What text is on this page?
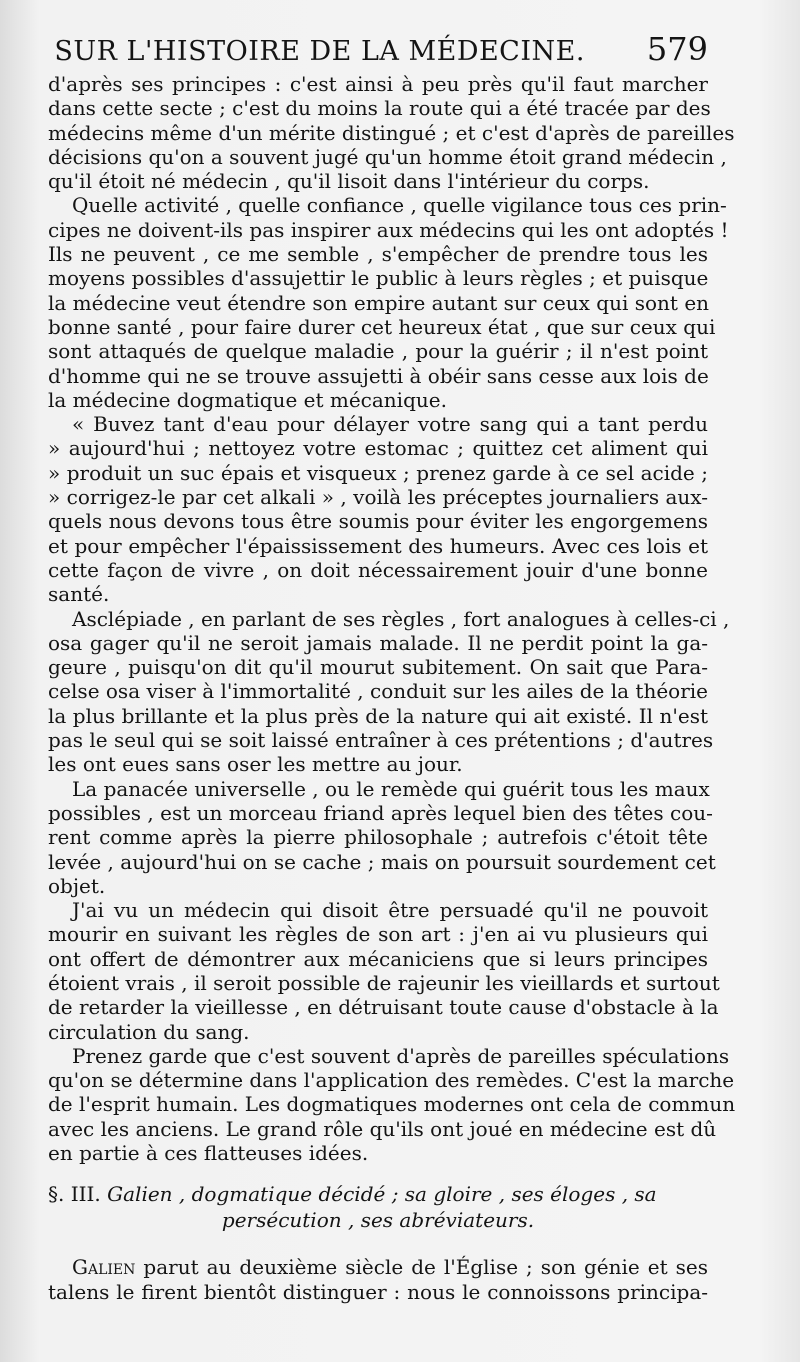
SUR L'HISTOIRE DE LA MÉDECINE. 579

d'après ses principes : c'est ainsi à peu près qu'il faut marcher
dans cette secte ; c'est du moins la route qui a été tracée par des
médecins même d'un mérite distingué ; et c'est d'après de pareilles
décisions qu'on a souvent jugé qu'un homme étoit grand médecin ,
qu'il étoit né médecin , qu'il lisoit dans l'intérieur du corps.

Quelle activité , quelle confiance , quelle vigilance tous ces prin-
cipes ne doivent-ils pas inspirer aux médecins qui les ont adoptés !
Ils ne peuvent , ce me semble , s'empêcher de prendre tous les
moyens possibles d'assujettir le public à leurs règles ; et puisque
la médecine veut étendre son empire autant sur ceux qui sont en
bonne santé , pour faire durer cet heureux état , que sur ceux qui
sont attaqués de quelque maladie , pour la guérir ; il n'est point
d'homme qui ne se trouve assujetti à obéir sans cesse aux lois de
la médecine dogmatique et mécanique.

« Buvez tant d'eau pour délayer votre sang qui a tant perdu
» aujourd'hui ; nettoyez votre estomac ; quittez cet aliment qui
» produit un suc épais et visqueux ; prenez garde à ce sel acide ;
» corrigez-le par cet alkali » , voilà les préceptes journaliers aux-
quels nous devons tous être soumis pour éviter les engorgemens
et pour empêcher l'épaississement des humeurs. Avec ces lois et
cette façon de vivre , on doit nécessairement jouir d'une bonne
santé.

Asclépiade , en parlant de ses règles , fort analogues à celles-ci ,
osa gager qu'il ne seroit jamais malade. Il ne perdit point la ga-
geure , puisqu'on dit qu'il mourut subitement. On sait que Para-
celse osa viser à l'immortalité , conduit sur les ailes de la théorie
la plus brillante et la plus près de la nature qui ait existé. Il n'est
pas le seul qui se soit laissé entraîner à ces prétentions ; d'autres
les ont eues sans oser les mettre au jour.

La panacée universelle , ou le remède qui guérit tous les maux
possibles , est un morceau friand après lequel bien des têtes cou-
rent comme après la pierre philosophale ; autrefois c'étoit tête
levée , aujourd'hui on se cache ; mais on poursuit sourdement cet
objet.

J'ai vu un médecin qui disoit être persuadé qu'il ne pouvoit
mourir en suivant les règles de son art : j'en ai vu plusieurs qui
ont offert de démontrer aux mécaniciens que si leurs principes
étoient vrais , il seroit possible de rajeunir les vieillards et surtout
de retarder la vieillesse , en détruisant toute cause d'obstacle à la
circulation du sang.

Prenez garde que c'est souvent d'après de pareilles spéculations
qu'on se détermine dans l'application des remèdes. C'est la marche
de l'esprit humain. Les dogmatiques modernes ont cela de commun
avec les anciens. Le grand rôle qu'ils ont joué en médecine est dû
en partie à ces flatteuses idées.

§. III. Galien , dogmatique décidé ; sa gloire , ses éloges , sa
persécution , ses abréviateurs.

Galien parut au deuxième siècle de l'Église ; son génie et ses
talens le firent bientôt distinguer : nous le connoissons principa-
